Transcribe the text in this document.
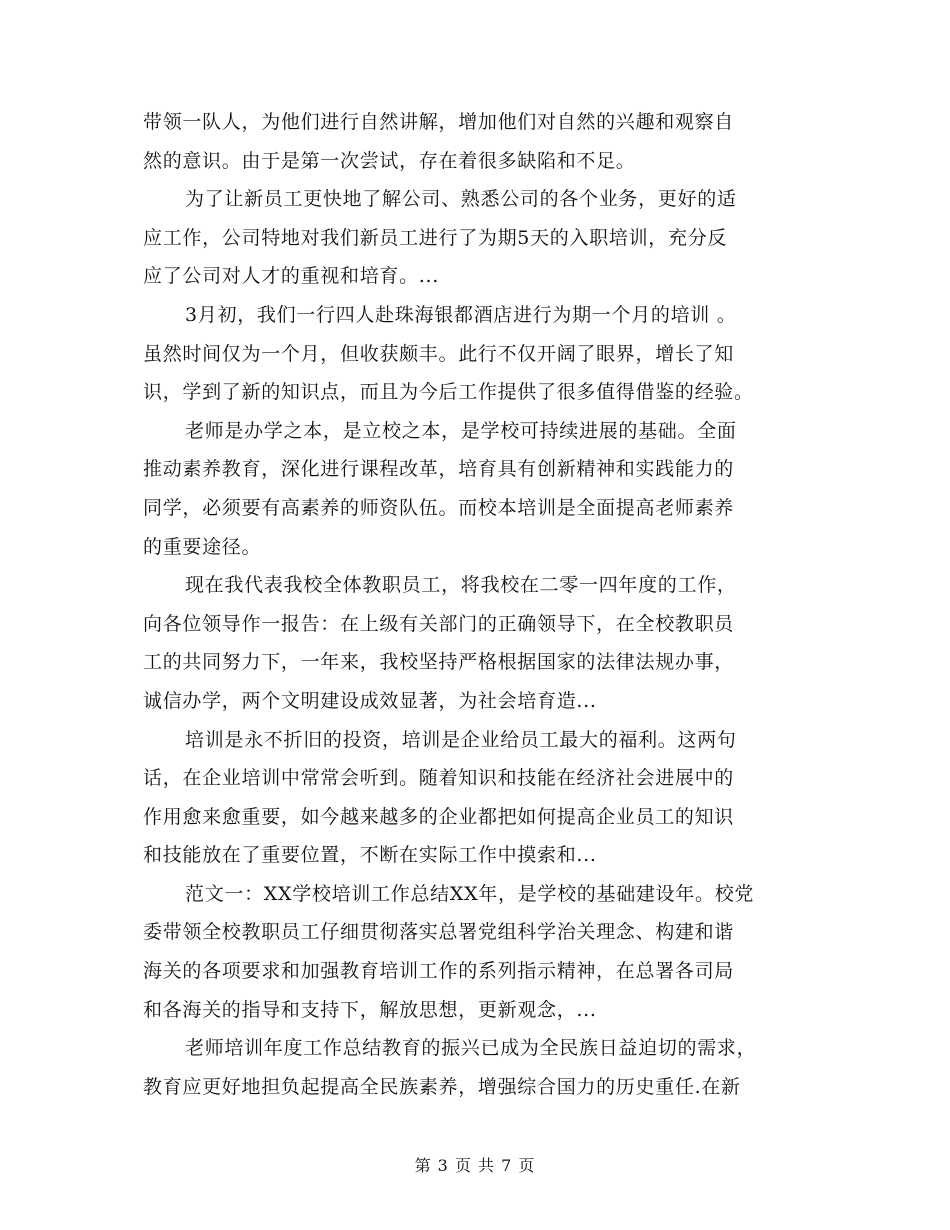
带领一队人，为他们进行自然讲解，增加他们对自然的兴趣和观察自
然的意识。由于是第一次尝试，存在着很多缺陷和不足。
为了让新员工更快地了解公司、熟悉公司的各个业务，更好的适
应工作，公司特地对我们新员工进行了为期5天的入职培训，充分反
应了公司对人才的重视和培育。...
3月初，我们一行四人赴珠海银都酒店进行为期一个月的培训 。
虽然时间仅为一个月，但收获颇丰。此行不仅开阔了眼界，增长了知
识，学到了新的知识点，而且为今后工作提供了很多值得借鉴的经验。
老师是办学之本，是立校之本，是学校可持续进展的基础。全面
推动素养教育，深化进行课程改革，培育具有创新精神和实践能力的
同学，必须要有高素养的师资队伍。而校本培训是全面提高老师素养
的重要途径。
现在我代表我校全体教职员工，将我校在二零一四年度的工作，
向各位领导作一报告：在上级有关部门的正确领导下，在全校教职员
工的共同努力下，一年来，我校坚持严格根据国家的法律法规办事，
诚信办学，两个文明建设成效显著，为社会培育造...
培训是永不折旧的投资，培训是企业给员工最大的福利。这两句
话，在企业培训中常常会听到。随着知识和技能在经济社会进展中的
作用愈来愈重要，如今越来越多的企业都把如何提高企业员工的知识
和技能放在了重要位置，不断在实际工作中摸索和...
范文一：XX学校培训工作总结XX年，是学校的基础建设年。校党
委带领全校教职员工仔细贯彻落实总署党组科学治关理念、构建和谐
海关的各项要求和加强教育培训工作的系列指示精神，在总署各司局
和各海关的指导和支持下，解放思想，更新观念，...
老师培训年度工作总结教育的振兴已成为全民族日益迫切的需求，
教育应更好地担负起提高全民族素养，增强综合国力的历史重任.在新
第 3 页 共 7 页
